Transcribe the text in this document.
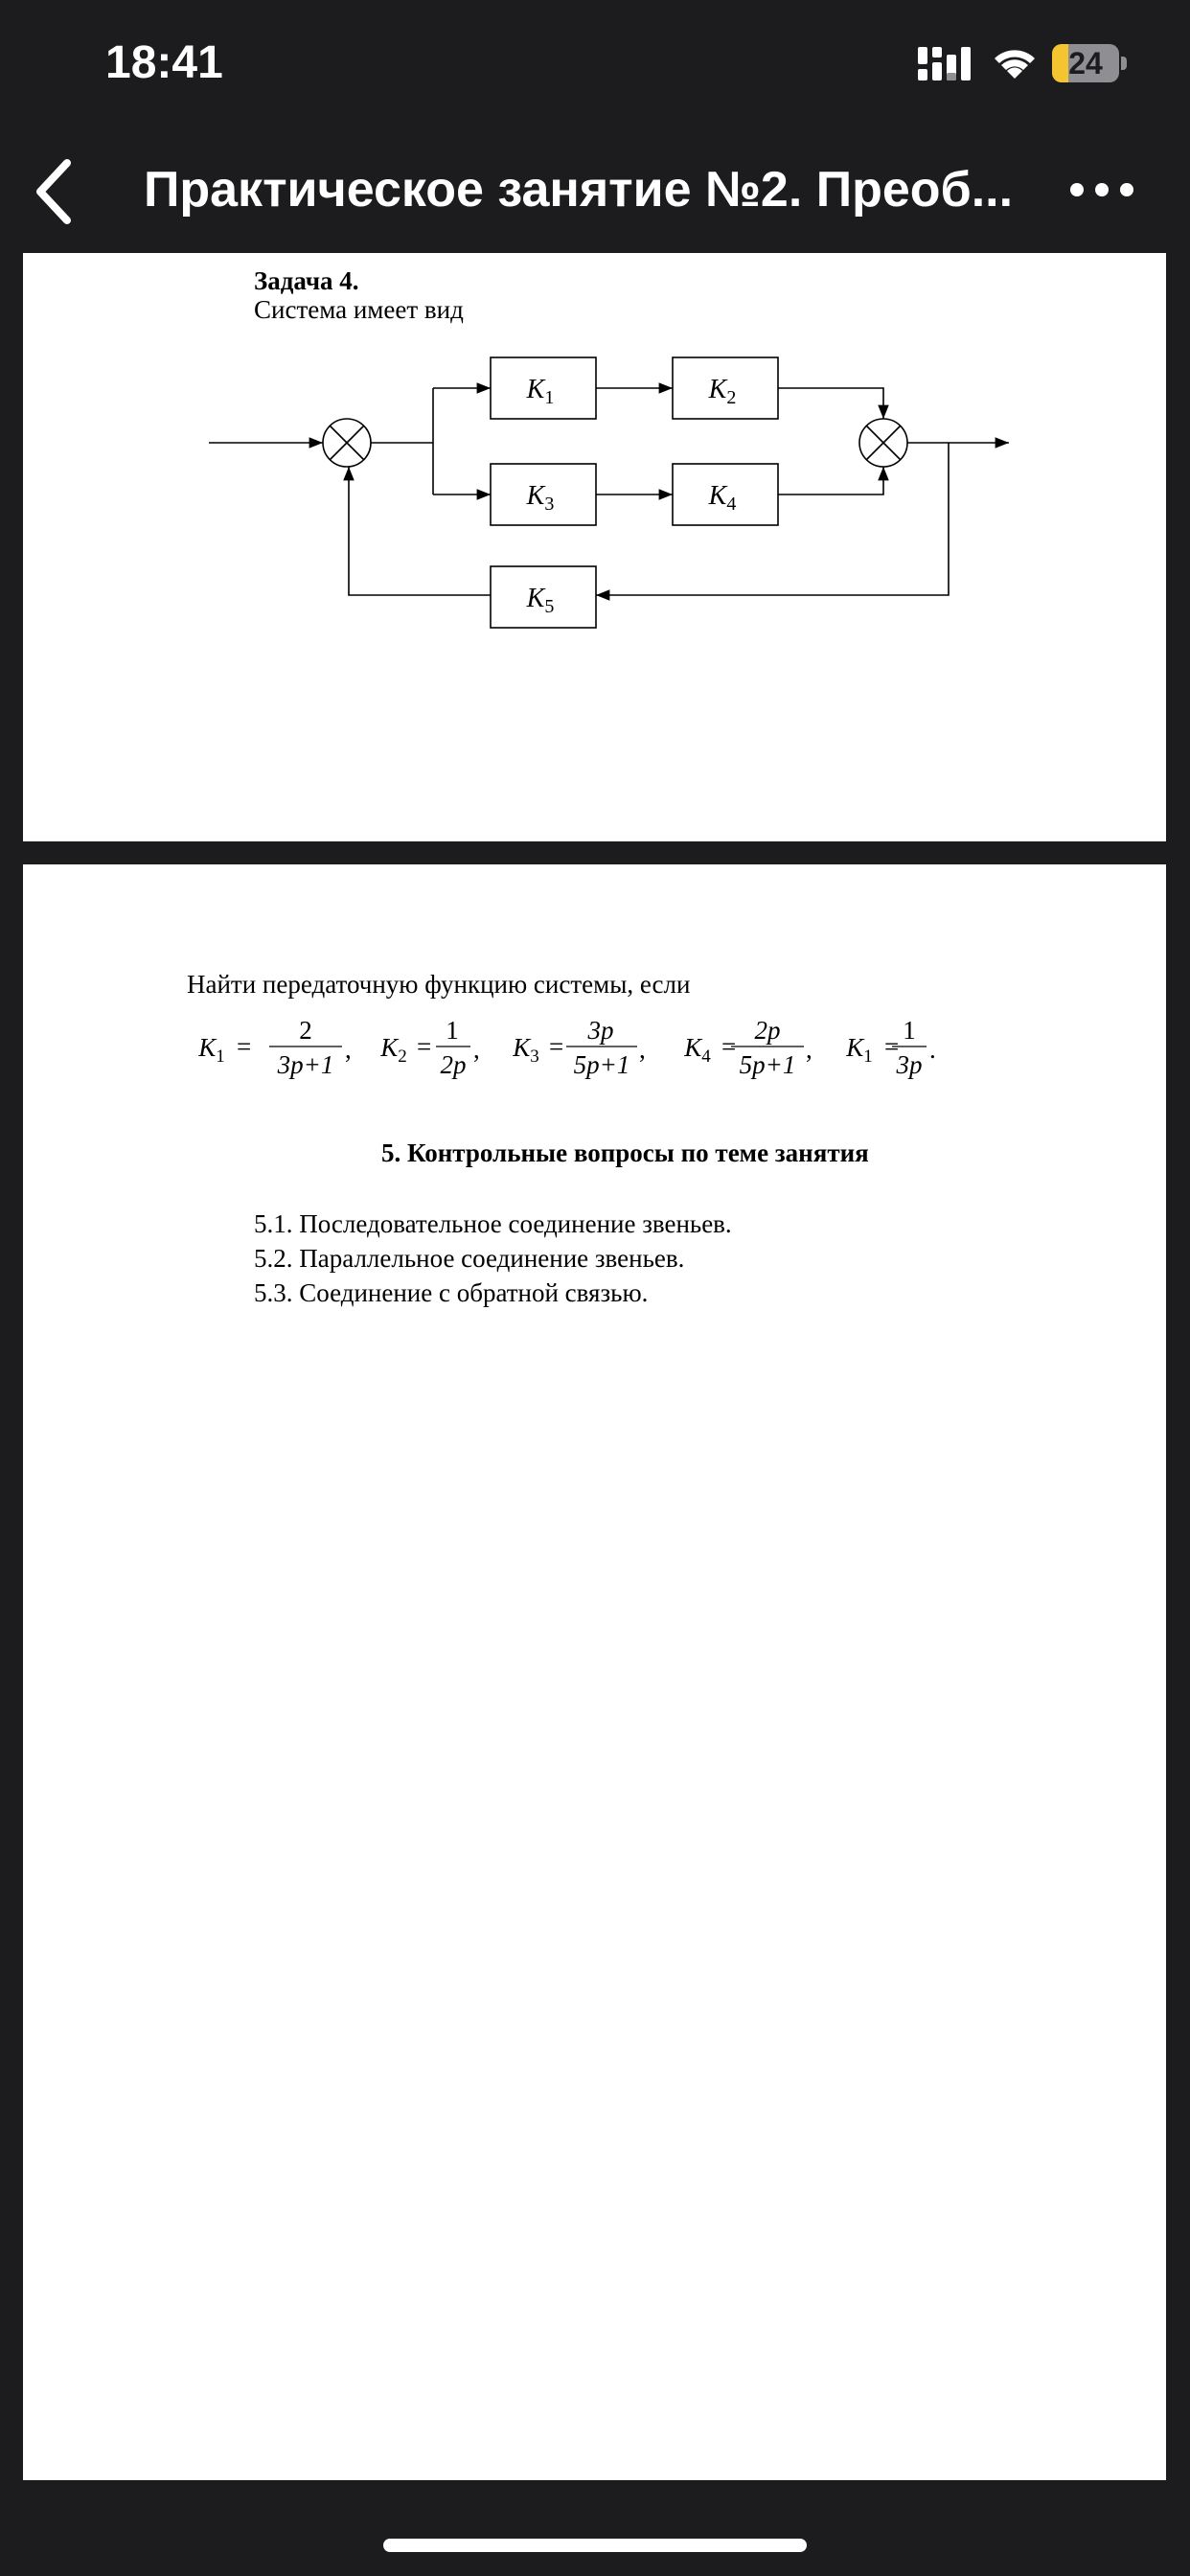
18:41	24
Практическое занятие №2. Преоб...
Задача 4.
Система имеет вид
$K_1$	$K_2$
$K_3$	$K_4$
$K_5$
Найти передаточную функцию системы, если
$K_1$ =
2
3p+1
, $K_2$ =
1
2p
, $K_3$ =
3p
5p+1
, $K_4$ =
2p
5p+1
, $K_1$ =
1
3p
.
5. Контрольные вопросы по теме занятия
5.1. Последовательное соединение звеньев.
5.2. Параллельное соединение звеньев.
5.3. Соединение с обратной связью.
